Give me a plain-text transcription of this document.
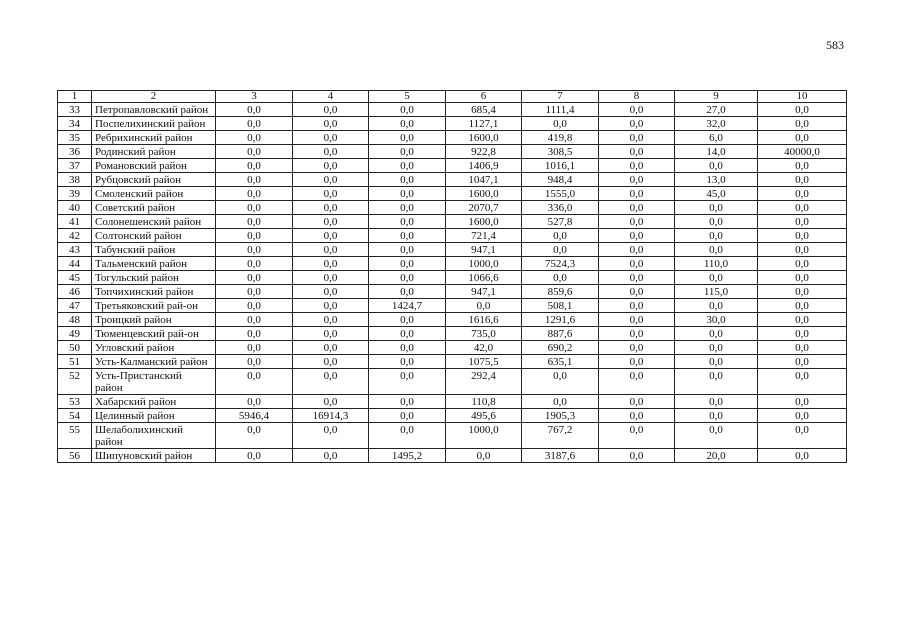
583
1	2	3	4	5	6	7	8	9	10
33	Петропавловский район	0,0	0,0	0,0	685,4	1111,4	0,0	27,0	0,0
34	Поспелихинский район	0,0	0,0	0,0	1127,1	0,0	0,0	32,0	0,0
35	Ребрихинский район	0,0	0,0	0,0	1600,0	419,8	0,0	6,0	0,0
36	Родинский район	0,0	0,0	0,0	922,8	308,5	0,0	14,0	40000,0
37	Романовский район	0,0	0,0	0,0	1406,9	1016,1	0,0	0,0	0,0
38	Рубцовский район	0,0	0,0	0,0	1047,1	948,4	0,0	13,0	0,0
39	Смоленский район	0,0	0,0	0,0	1600,0	1555,0	0,0	45,0	0,0
40	Советский район	0,0	0,0	0,0	2070,7	336,0	0,0	0,0	0,0
41	Солонешенский район	0,0	0,0	0,0	1600,0	527,8	0,0	0,0	0,0
42	Солтонский район	0,0	0,0	0,0	721,4	0,0	0,0	0,0	0,0
43	Табунский район	0,0	0,0	0,0	947,1	0,0	0,0	0,0	0,0
44	Тальменский район	0,0	0,0	0,0	1000,0	7524,3	0,0	110,0	0,0
45	Тогульский район	0,0	0,0	0,0	1066,6	0,0	0,0	0,0	0,0
46	Топчихинский район	0,0	0,0	0,0	947,1	859,6	0,0	115,0	0,0
47	Третьяковский рай-он	0,0	0,0	1424,7	0,0	508,1	0,0	0,0	0,0
48	Троицкий район	0,0	0,0	0,0	1616,6	1291,6	0,0	30,0	0,0
49	Тюменцевский рай-он	0,0	0,0	0,0	735,0	887,6	0,0	0,0	0,0
50	Угловский район	0,0	0,0	0,0	42,0	690,2	0,0	0,0	0,0
51	Усть-Калманский район	0,0	0,0	0,0	1075,5	635,1	0,0	0,0	0,0
52	Усть-Пристанский район	0,0	0,0	0,0	292,4	0,0	0,0	0,0	0,0
53	Хабарский район	0,0	0,0	0,0	110,8	0,0	0,0	0,0	0,0
54	Целинный район	5946,4	16914,3	0,0	495,6	1905,3	0,0	0,0	0,0
55	Шелаболихинский район	0,0	0,0	0,0	1000,0	767,2	0,0	0,0	0,0
56	Шипуновский район	0,0	0,0	1495,2	0,0	3187,6	0,0	20,0	0,0
